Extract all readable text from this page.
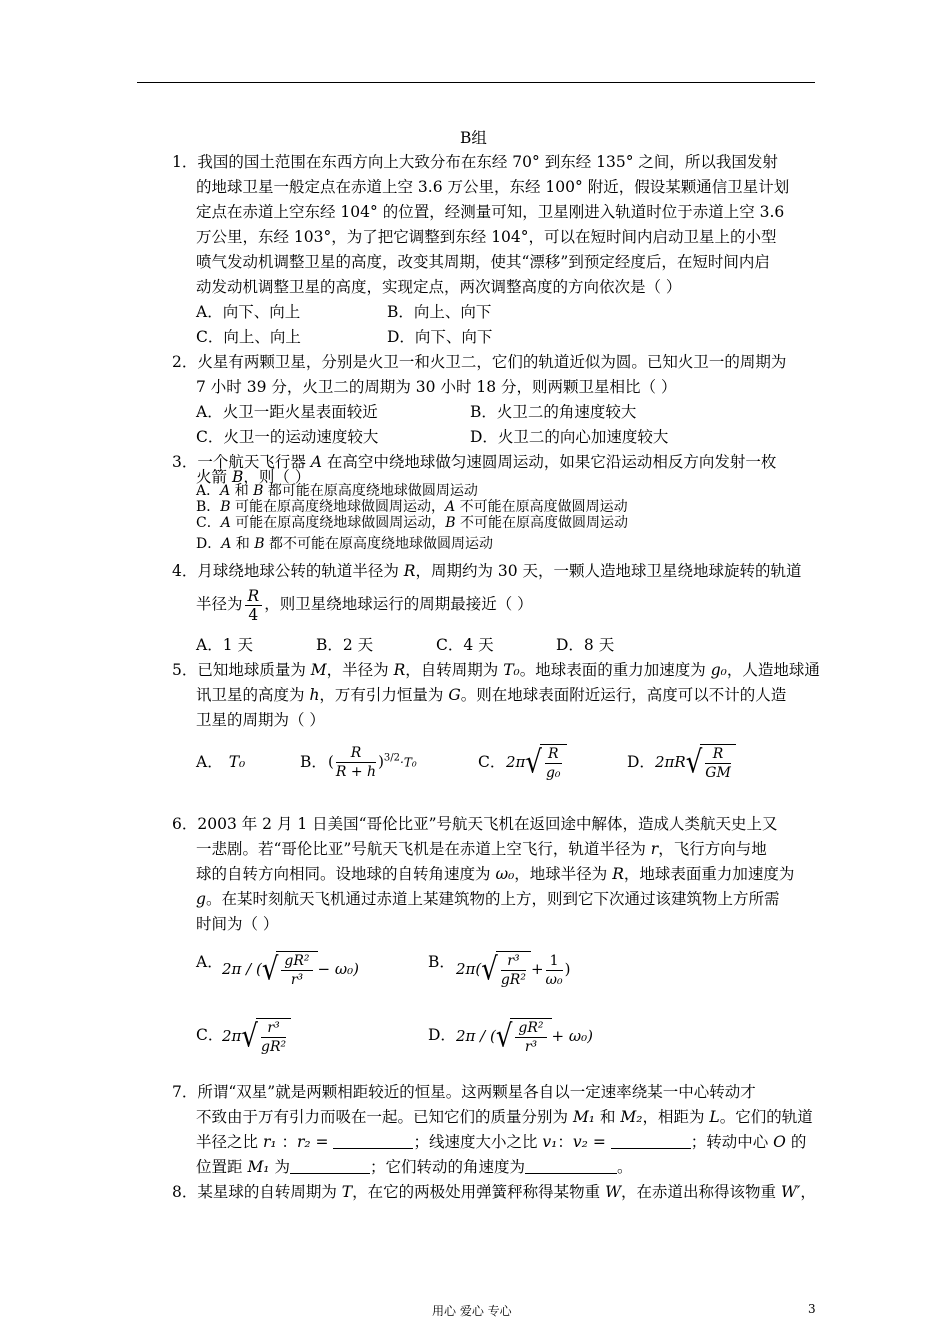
B组
1．我国的国土范围在东西方向上大致分布在东经 70° 到东经 135° 之间，所以我国发射
的地球卫星一般定点在赤道上空 3.6 万公里，东经 100° 附近，假设某颗通信卫星计划
定点在赤道上空东经 104° 的位置，经测量可知，卫星刚进入轨道时位于赤道上空 3.6
万公里，东经 103°，为了把它调整到东经 104°，可以在短时间内启动卫星上的小型
喷气发动机调整卫星的高度，改变其周期，使其“漂移”到预定经度后，在短时间内启
动发动机调整卫星的高度，实现定点，两次调整高度的方向依次是（ ）
A．向下、向上	B．向上、向下
C．向上、向上	D．向下、向下
2．火星有两颗卫星，分别是火卫一和火卫二，它们的轨道近似为圆。已知火卫一的周期为
7 小时 39 分，火卫二的周期为 30 小时 18 分，则两颗卫星相比（ ）
A．火卫一距火星表面较近	B．火卫二的角速度较大
C．火卫一的运动速度较大	D．火卫二的向心加速度较大
3．一个航天飞行器 A 在高空中绕地球做匀速圆周运动，如果它沿运动相反方向发射一枚
火箭 B，则（ ）
A．A 和 B 都可能在原高度绕地球做圆周运动
B．B 可能在原高度绕地球做圆周运动，A 不可能在原高度做圆周运动
C．A 可能在原高度绕地球做圆周运动，B 不可能在原高度做圆周运动
D．A 和 B 都不可能在原高度绕地球做圆周运动
4．月球绕地球公转的轨道半径为 R，周期约为 30 天，一颗人造地球卫星绕地球旋转的轨道
半径为 $\frac{R}{4}$ ，则卫星绕地球运行的周期最接近（ ）
A．1 天	B．2 天	C．4 天	D．8 天
5．已知地球质量为 M，半径为 R，自转周期为 T₀。地球表面的重力加速度为 g₀，人造地球通
讯卫星的高度为 h，万有引力恒量为 G。则在地球表面附近运行，高度可以不计的人造
卫星的周期为（ ）
A． T₀	B． ( $\frac{R}{R + h} )^{3/2}\cdot T_0$	C． $2\pi√ \frac{R}{\text{g₀}}$	D． $2\pi R√ \frac{R}{GM}$
6．2003 年 2 月 1 日美国“哥伦比亚”号航天飞机在返回途中解体，造成人类航天史上又
一悲剧。若“哥伦比亚”号航天飞机是在赤道上空飞行，轨道半径为 r，飞行方向与地
球的自转方向相同。设地球的自转角速度为 ω₀，地球半径为 R，地球表面重力加速度为
g。在某时刻航天飞机通过赤道上某建筑物的上方，则到它下次通过该建筑物上方所需
时间为（ ）
A． 2π / (√ $\frac{\text{gR²}}{\text{r³}} - \omega_0$)	B． $2\pi(√ \frac{\text{r³}}{\text{gR²}} + \frac{1}{\text{ω₀}}$ )
C．
$2\pi√ \frac{\text{r³}}{\text{gR²}}$	D． 2π / (√ $\frac{\text{gR²}}{\text{r³}} + \omega_0$)
7．所谓“双星”就是两颗相距较近的恒星。这两颗星各自以一定速率绕某一中心转动才
不致由于万有引力而吸在一起。已知它们的质量分别为 M₁ 和 M₂，相距为 L。它们的轨道
半径之比 r₁ ：r₂ =	；线速度大小之比 v₁：v₂ =	；转动中心 O 的
位置距 M₁ 为	；它们转动的角速度为	。
8．某星球的自转周期为 T，在它的两极处用弹簧秤称得某物重 W，在赤道出称得该物重 W′，
用心 爱心 专心	3
